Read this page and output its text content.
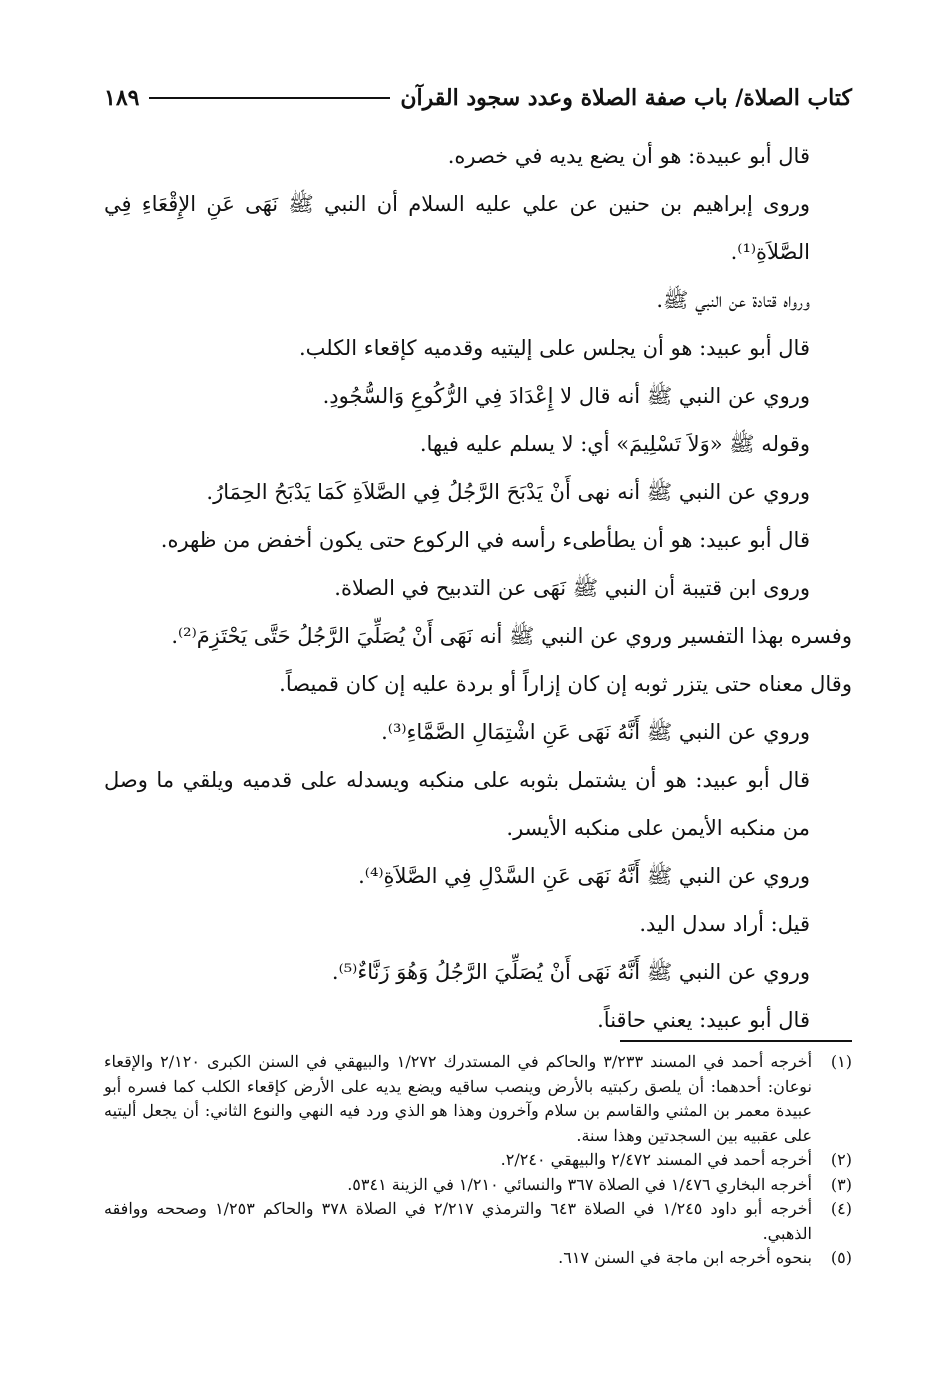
كتاب الصلاة/ باب صفة الصلاة وعدد سجود القرآن
١٨٩

قال أبو عبيدة: هو أن يضع يديه في خصره.

وروى إبراهيم بن حنين عن علي عليه السلام أن النبي ﷺ نَهَى عَنِ الإِقْعَاءِ فِي الصَّلاَةِ⁽¹⁾.

ورواه قتادة عن النبي ﷺ.

قال أبو عبيد: هو أن يجلس على إليتيه وقدميه كإقعاء الكلب.

وروي عن النبي ﷺ أنه قال لا إِعْدَادَ فِي الرُّكُوعِ وَالسُّجُودِ.

وقوله ﷺ «وَلاَ تَسْلِيمَ» أي: لا يسلم عليه فيها.

وروي عن النبي ﷺ أنه نهى أَنْ يَدْبَحَ الرَّجُلُ فِي الصَّلاَةِ كَمَا يَدْبَحُ الحِمَارُ.

قال أبو عبيد: هو أن يطأطىء رأسه في الركوع حتى يكون أخفض من ظهره.

وروى ابن قتيبة أن النبي ﷺ نَهَى عن التدبيح في الصلاة.

وفسره بهذا التفسير وروي عن النبي ﷺ أنه نَهَى أَنْ يُصَلِّيَ الرَّجُلُ حَتَّى يَحْتَزِمَ⁽²⁾.

وقال معناه حتى يتزر ثوبه إن كان إزاراً أو بردة عليه إن كان قميصاً.

وروي عن النبي ﷺ أَنَّهُ نَهَى عَنِ اشْتِمَالِ الصَّمَّاءِ⁽³⁾.

قال أبو عبيد: هو أن يشتمل بثوبه على منكبه ويسدله على قدميه ويلقي ما وصل من منكبه الأيمن على منكبه الأيسر.

وروي عن النبي ﷺ أَنَّهُ نَهَى عَنِ السَّدْلِ فِي الصَّلاَةِ⁽⁴⁾.

قيل: أراد سدل اليد.

وروي عن النبي ﷺ أَنَّهُ نَهَى أَنْ يُصَلِّيَ الرَّجُلُ وَهُوَ زَنَّاءٌ⁽⁵⁾.

قال أبو عبيد: يعني حاقناً.

(١)
أخرجه أحمد في المسند ٣/٢٣٣ والحاكم في المستدرك ١/٢٧٢ والبيهقي في السنن الكبرى ٢/١٢٠ والإقعاء نوعان: أحدهما: أن يلصق ركبتيه بالأرض وينصب ساقيه ويضع يديه على الأرض كإقعاء الكلب كما فسره أبو عبيدة معمر بن المثني والقاسم بن سلام وآخرون وهذا هو الذي ورد فيه النهي والنوع الثاني: أن يجعل أليتيه على عقبيه بين السجدتين وهذا سنة.
(٢)
أخرجه أحمد في المسند ٢/٤٧٢ والبيهقي ٢/٢٤٠.
(٣)
أخرجه البخاري ١/٤٧٦ في الصلاة ٣٦٧ والنسائي ١/٢١٠ في الزينة ٥٣٤١.
(٤)
أخرجه أبو داود ١/٢٤٥ في الصلاة ٦٤٣ والترمذي ٢/٢١٧ في الصلاة ٣٧٨ والحاكم ١/٢٥٣ وصححه ووافقه الذهبي.
(٥)
بنحوه أخرجه ابن ماجة في السنن ٦١٧.
